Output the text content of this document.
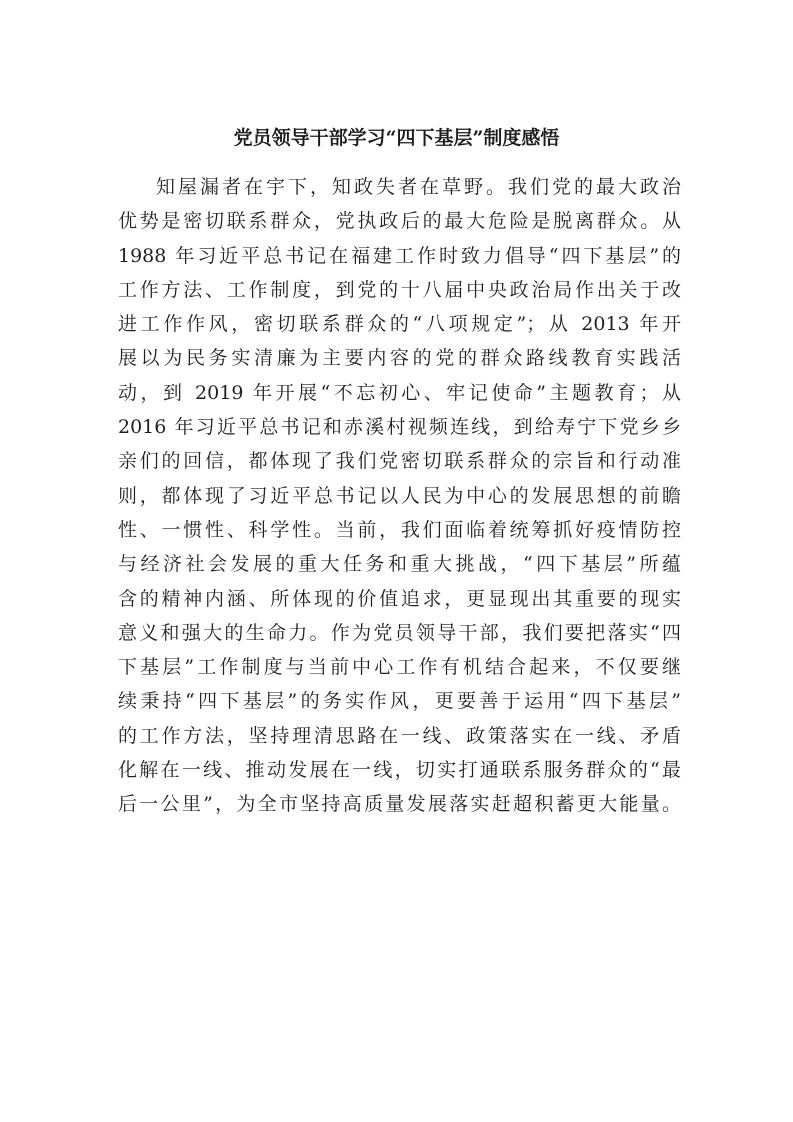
党员领导干部学习“四下基层”制度感悟
知屋漏者在宇下，知政失者在草野。我们党的最大政治
优势是密切联系群众，党执政后的最大危险是脱离群众。从
1988 年习近平总书记在福建工作时致力倡导“四下基层”的
工作方法、工作制度，到党的十八届中央政治局作出关于改
进工作作风，密切联系群众的“八项规定”；从 2013 年开
展以为民务实清廉为主要内容的党的群众路线教育实践活
动，到 2019 年开展“不忘初心、牢记使命”主题教育；从
2016 年习近平总书记和赤溪村视频连线，到给寿宁下党乡乡
亲们的回信，都体现了我们党密切联系群众的宗旨和行动准
则，都体现了习近平总书记以人民为中心的发展思想的前瞻
性、一惯性、科学性。当前，我们面临着统筹抓好疫情防控
与经济社会发展的重大任务和重大挑战，“四下基层”所蕴
含的精神内涵、所体现的价值追求，更显现出其重要的现实
意义和强大的生命力。作为党员领导干部，我们要把落实“四
下基层”工作制度与当前中心工作有机结合起来，不仅要继
续秉持“四下基层”的务实作风，更要善于运用“四下基层”
的工作方法，坚持理清思路在一线、政策落实在一线、矛盾
化解在一线、推动发展在一线，切实打通联系服务群众的“最
后一公里”，为全市坚持高质量发展落实赶超积蓄更大能量。
